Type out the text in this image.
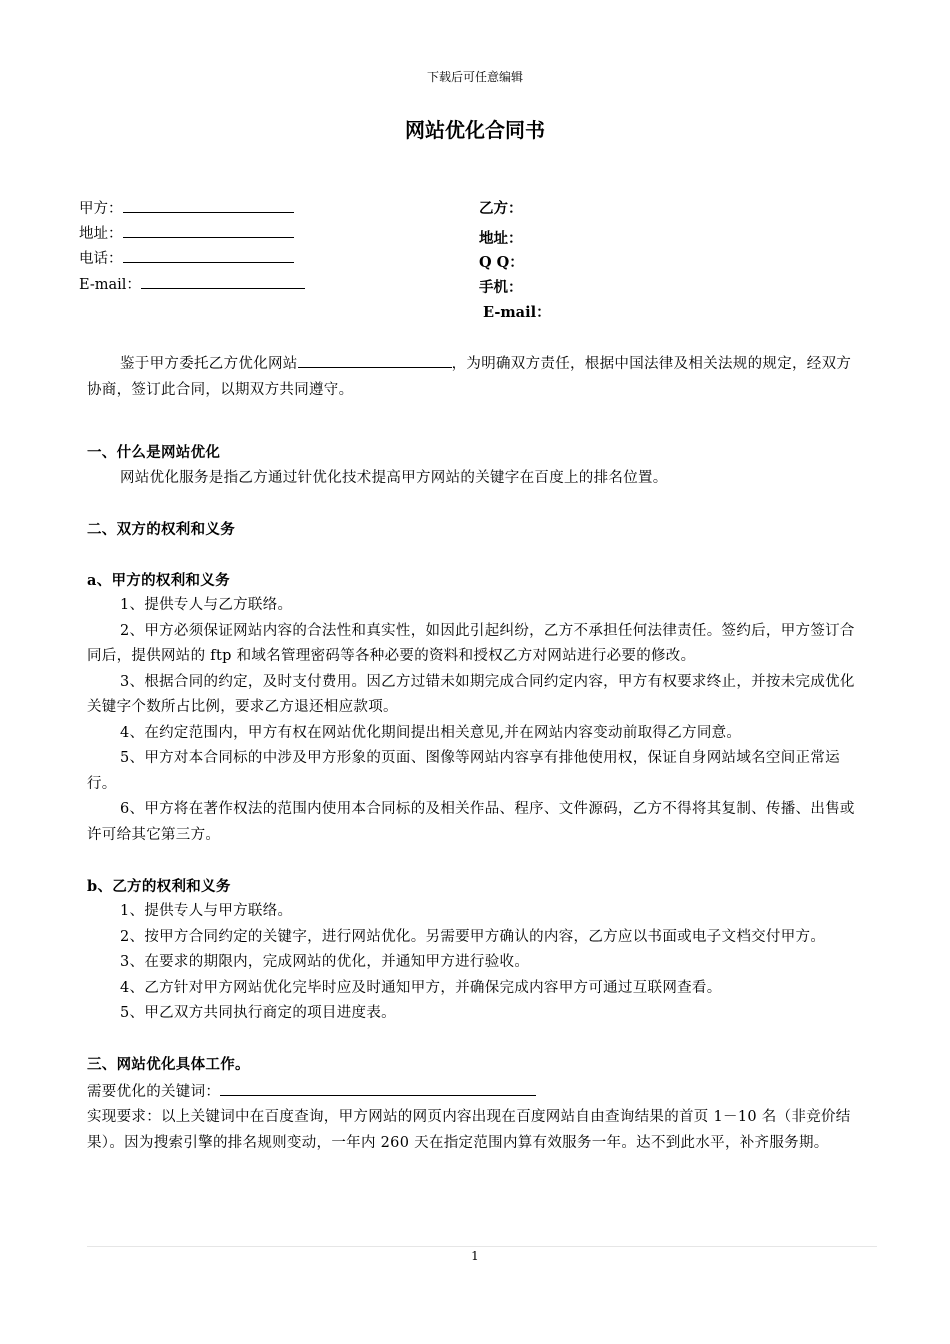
下载后可任意编辑
网站优化合同书
甲方：
地址：
电话：
E-mail：
乙方：
地址：
Q Q：
手机：
E-mail：

鉴于甲方委托乙方优化网站	，为明确双方责任，根据中国法律及相关法规的规定，经双方协商，签订此合同，以期双方共同遵守。

一、什么是网站优化

网站优化服务是指乙方通过针优化技术提高甲方网站的关键字在百度上的排名位置。

二、双方的权利和义务

a、甲方的权利和义务

1、提供专人与乙方联络。

2、甲方必须保证网站内容的合法性和真实性，如因此引起纠纷，乙方不承担任何法律责任。签约后，甲方签订合同后，提供网站的 ftp 和域名管理密码等各种必要的资料和授权乙方对网站进行必要的修改。

3、根据合同的约定，及时支付费用。因乙方过错未如期完成合同约定内容，甲方有权要求终止，并按未完成优化关键字个数所占比例，要求乙方退还相应款项。

4、在约定范围内，甲方有权在网站优化期间提出相关意见,并在网站内容变动前取得乙方同意。

5、甲方对本合同标的中涉及甲方形象的页面、图像等网站内容享有排他使用权，保证自身网站域名空间正常运行。

6、甲方将在著作权法的范围内使用本合同标的及相关作品、程序、文件源码，乙方不得将其复制、传播、出售或许可给其它第三方。

b、乙方的权利和义务

1、提供专人与甲方联络。

2、按甲方合同约定的关键字，进行网站优化。另需要甲方确认的内容，乙方应以书面或电子文档交付甲方。

3、在要求的期限内，完成网站的优化，并通知甲方进行验收。

4、乙方针对甲方网站优化完毕时应及时通知甲方，并确保完成内容甲方可通过互联网查看。

5、甲乙双方共同执行商定的项目进度表。

三、网站优化具体工作。

需要优化的关键词：

实现要求：以上关键词中在百度查询，甲方网站的网页内容出现在百度网站自由查询结果的首页 1－10 名（非竞价结果）。因为搜索引擎的排名规则变动，一年内 260 天在指定范围内算有效服务一年。达不到此水平，补齐服务期。

1
